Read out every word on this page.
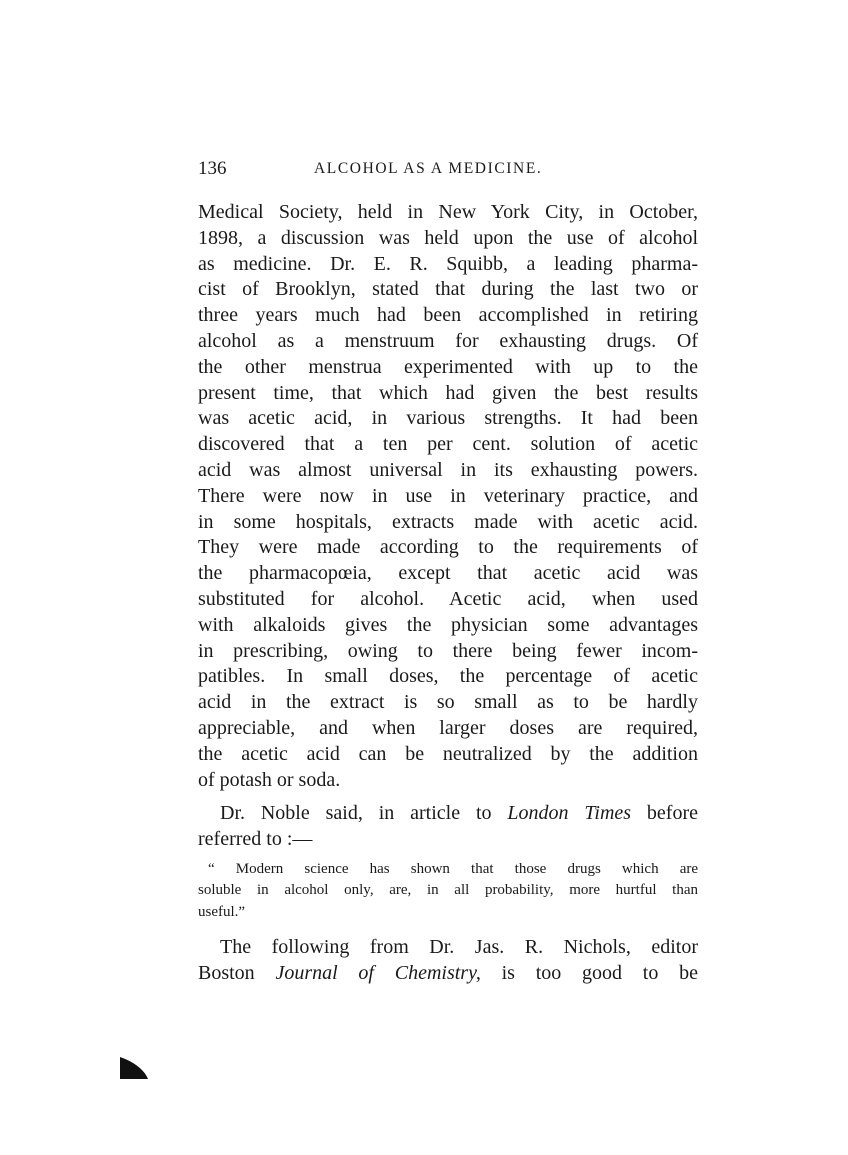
136	ALCOHOL AS A MEDICINE.
Medical Society, held in New York City, in October,
1898, a discussion was held upon the use of alcohol
as medicine. Dr. E. R. Squibb, a leading pharma-
cist of Brooklyn, stated that during the last two or
three years much had been accomplished in retiring
alcohol as a menstruum for exhausting drugs. Of
the other menstrua experimented with up to the
present time, that which had given the best results
was acetic acid, in various strengths. It had been
discovered that a ten per cent. solution of acetic
acid was almost universal in its exhausting powers.
There were now in use in veterinary practice, and
in some hospitals, extracts made with acetic acid.
They were made according to the requirements of
the pharmacopœia, except that acetic acid was
substituted for alcohol. Acetic acid, when used
with alkaloids gives the physician some advantages
in prescribing, owing to there being fewer incom-
patibles. In small doses, the percentage of acetic
acid in the extract is so small as to be hardly
appreciable, and when larger doses are required,
the acetic acid can be neutralized by the addition
of potash or soda.
Dr. Noble said, in article to London Times before
referred to :—
“ Modern science has shown that those drugs which are
soluble in alcohol only, are, in all probability, more hurtful than
useful.”
The following from Dr. Jas. R. Nichols, editor
Boston Journal of Chemistry, is too good to be
